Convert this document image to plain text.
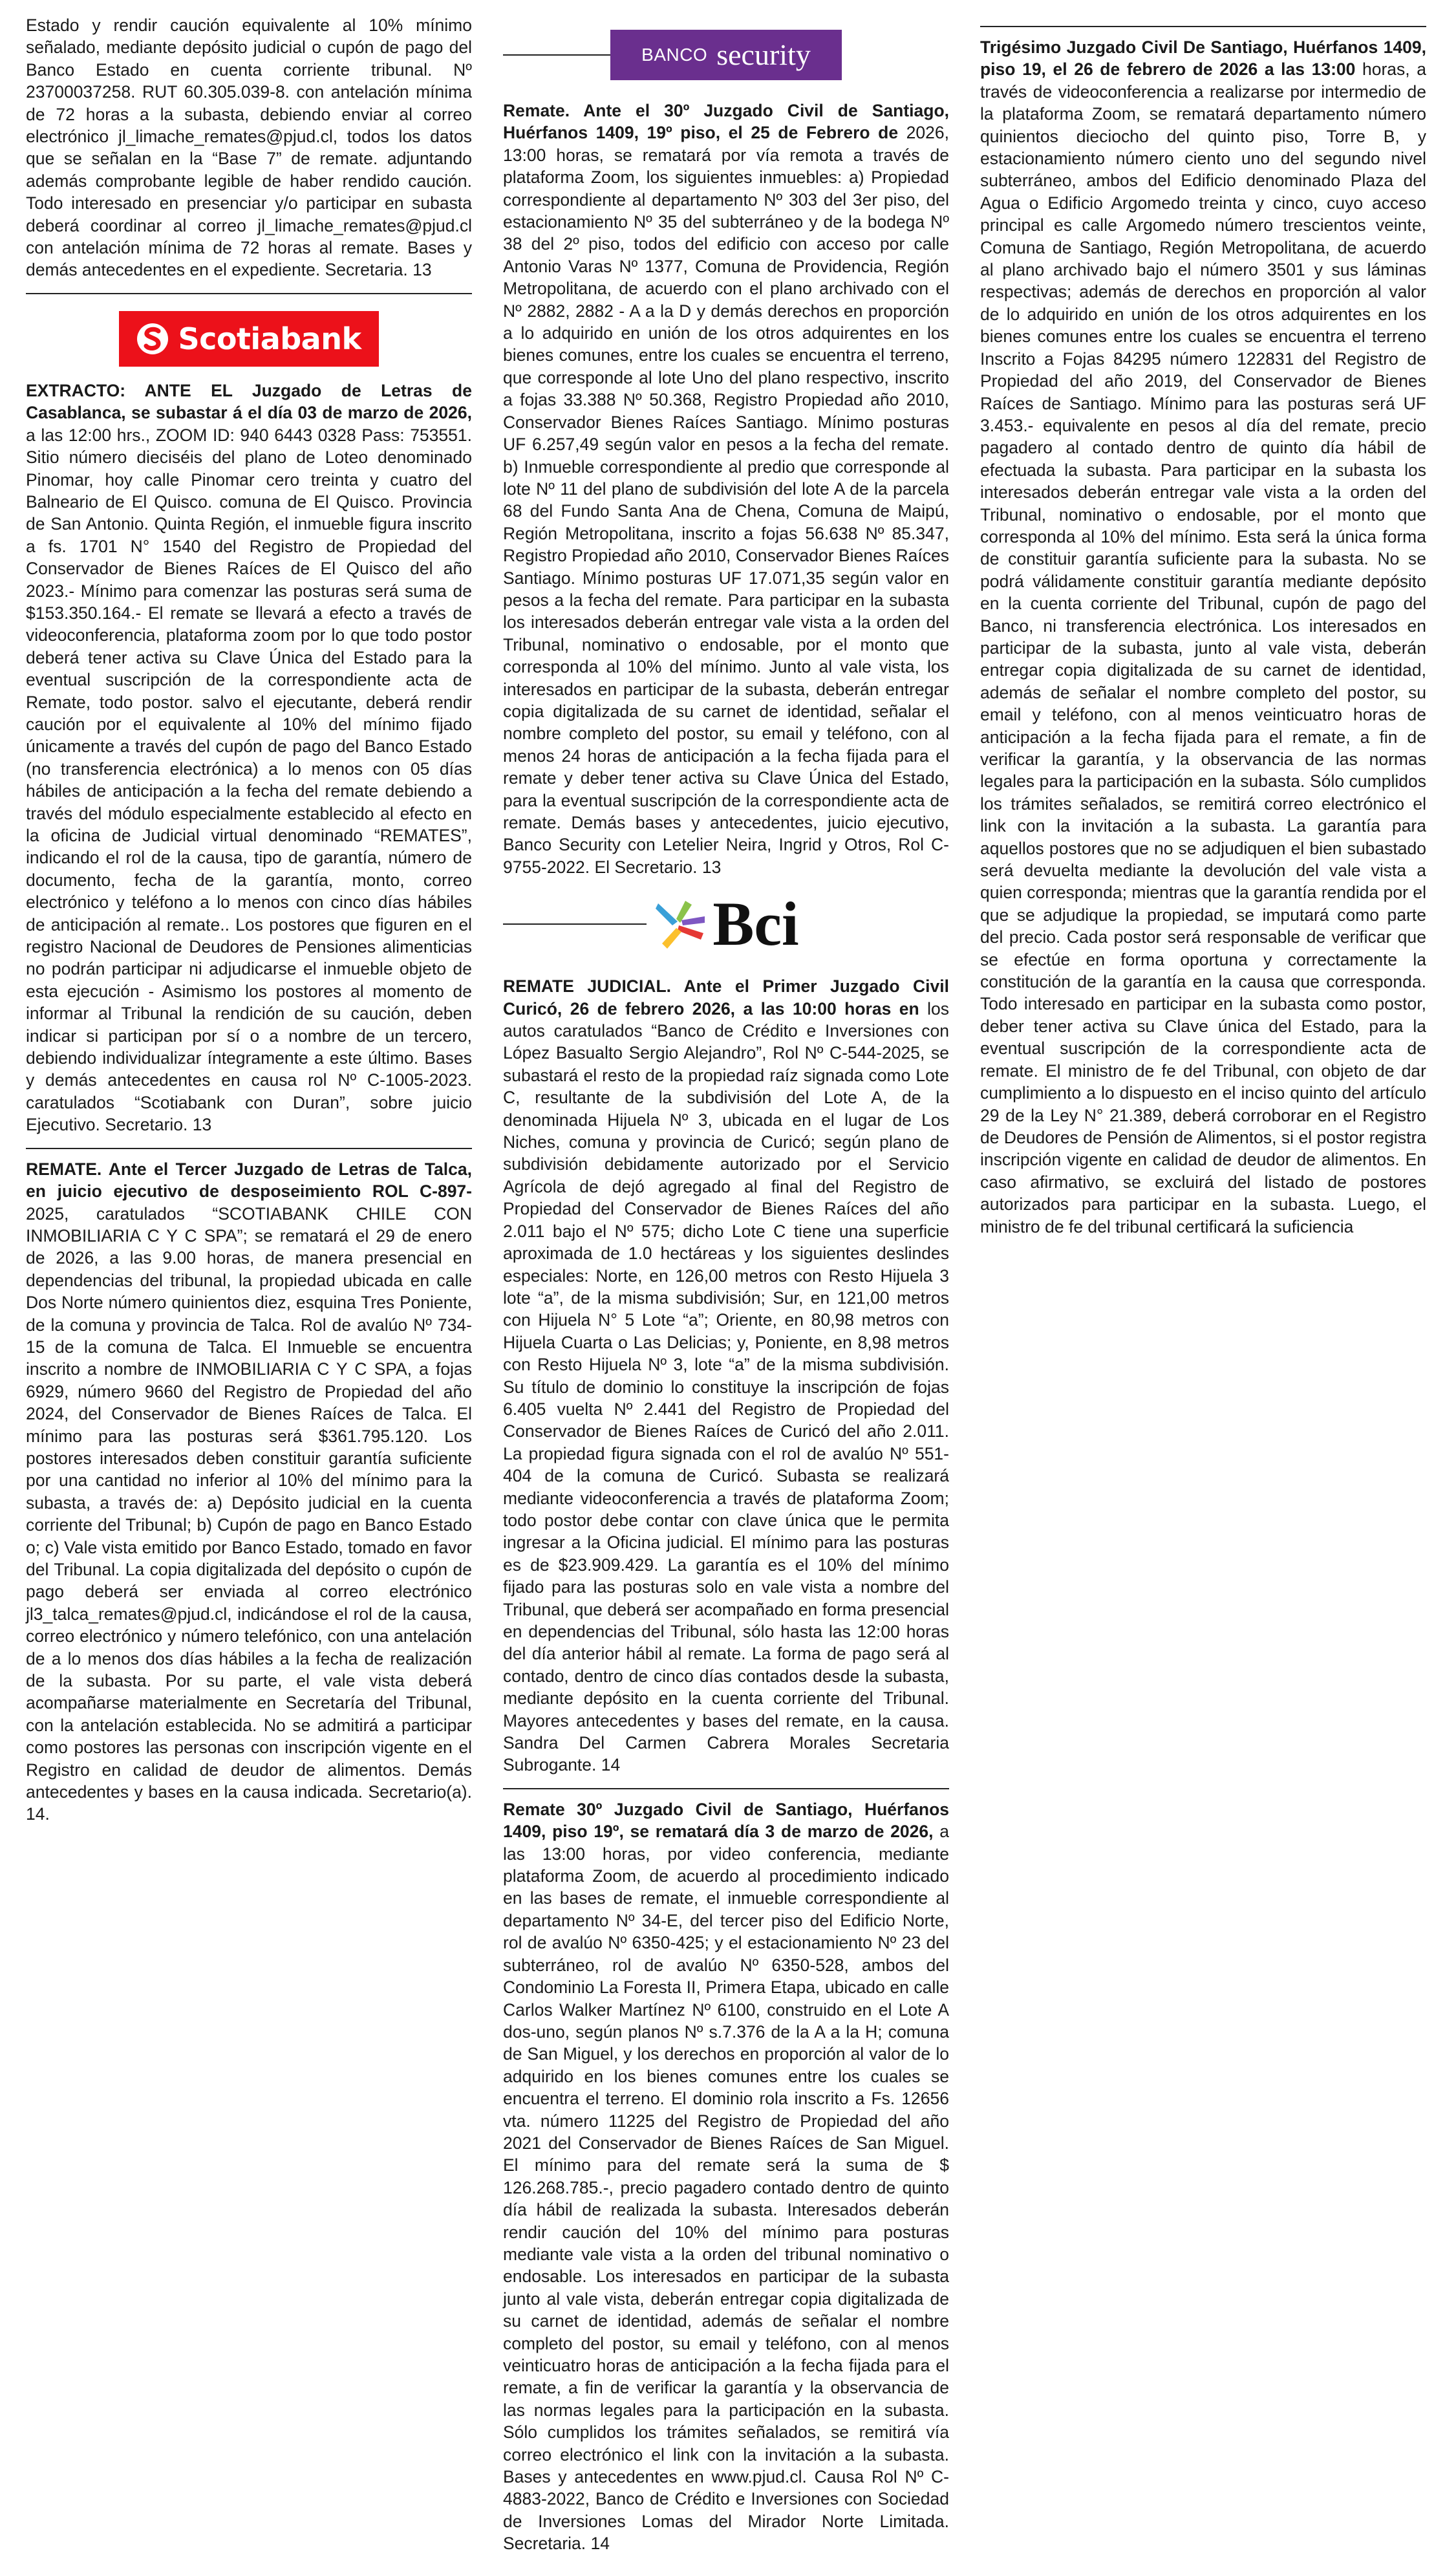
Estado y rendir caución equivalente al 10% mínimo señalado, mediante depósito judicial o cupón de pago del Banco Estado en cuenta corriente tribunal. Nº 23700037258. RUT 60.305.039-8. con antelación mínima de 72 horas a la subasta, debiendo enviar al correo electrónico jl_limache_remates@pjud.cl, todos los datos que se señalan en la “Base 7” de remate. adjuntando además comprobante legible de haber rendido caución. Todo interesado en presenciar y/o participar en subasta deberá coordinar al correo jl_limache_remates@pjud.cl con antelación mínima de 72 horas al remate. Bases y demás antecedentes en el expediente. Secretaria. 13

Scotiabank

EXTRACTO: ANTE EL Juzgado de Letras de Casablanca, se subastar á el día 03 de marzo de 2026, a las 12:00 hrs., ZOOM ID: 940 6443 0328 Pass: 753551. Sitio número dieciséis del plano de Loteo denominado Pinomar, hoy calle Pinomar cero treinta y cuatro del Balneario de El Quisco. comuna de El Quisco. Provincia de San Antonio. Quinta Región, el inmueble figura inscrito a fs. 1701 N° 1540 del Registro de Propiedad del Conservador de Bienes Raíces de El Quisco del año 2023.- Mínimo para comenzar las posturas será suma de $153.350.164.- El remate se llevará a efecto a través de videoconferencia, plataforma zoom por lo que todo postor deberá tener activa su Clave Única del Estado para la eventual suscripción de la correspondiente acta de Remate, todo postor. salvo el ejecutante, deberá rendir caución por el equivalente al 10% del mínimo fijado únicamente a través del cupón de pago del Banco Estado (no transferencia electrónica) a lo menos con 05 días hábiles de anticipación a la fecha del remate debiendo a través del módulo especialmente establecido al efecto en la oficina de Judicial virtual denominado “REMATES”, indicando el rol de la causa, tipo de garantía, número de documento, fecha de la garantía, monto, correo electrónico y teléfono a lo menos con cinco días hábiles de anticipación al remate.. Los postores que figuren en el registro Nacional de Deudores de Pensiones alimenticias no podrán participar ni adjudicarse el inmueble objeto de esta ejecución - Asimismo los postores al momento de informar al Tribunal la rendición de su caución, deben indicar si participan por sí o a nombre de un tercero, debiendo individualizar íntegramente a este último. Bases y demás antecedentes en causa rol Nº C-1005-2023. caratulados “Scotiabank con Duran”, sobre juicio Ejecutivo. Secretario. 13

REMATE. Ante el Tercer Juzgado de Letras de Talca, en juicio ejecutivo de desposeimiento ROL C-897-2025, caratulados “SCOTIABANK CHILE CON INMOBILIARIA C Y C SPA”; se rematará el 29 de enero de 2026, a las 9.00 horas, de manera presencial en dependencias del tribunal, la propiedad ubicada en calle Dos Norte número quinientos diez, esquina Tres Poniente, de la comuna y provincia de Talca. Rol de avalúo Nº 734-15 de la comuna de Talca. El Inmueble se encuentra inscrito a nombre de INMOBILIARIA C Y C SPA, a fojas 6929, número 9660 del Registro de Propiedad del año 2024, del Conservador de Bienes Raíces de Talca. El mínimo para las posturas será $361.795.120. Los postores interesados deben constituir garantía suficiente por una cantidad no inferior al 10% del mínimo para la subasta, a través de: a) Depósito judicial en la cuenta corriente del Tribunal; b) Cupón de pago en Banco Estado o; c) Vale vista emitido por Banco Estado, tomado en favor del Tribunal. La copia digitalizada del depósito o cupón de pago deberá ser enviada al correo electrónico jl3_talca_remates@pjud.cl, indicándose el rol de la causa, correo electrónico y número telefónico, con una antelación de a lo menos dos días hábiles a la fecha de realización de la subasta. Por su parte, el vale vista deberá acompañarse materialmente en Secretaría del Tribunal, con la antelación establecida. No se admitirá a participar como postores las personas con inscripción vigente en el Registro en calidad de deudor de alimentos. Demás antecedentes y bases en la causa indicada. Secretario(a). 14.

BANCO security

Remate. Ante el 30º Juzgado Civil de Santiago, Huérfanos 1409, 19º piso, el 25 de Febrero de 2026, 13:00 horas, se rematará por vía remota a través de plataforma Zoom, los siguientes inmuebles: a) Propiedad correspondiente al departamento Nº 303 del 3er piso, del estacionamiento Nº 35 del subterráneo y de la bodega Nº 38 del 2º piso, todos del edificio con acceso por calle Antonio Varas Nº 1377, Comuna de Providencia, Región Metropolitana, de acuerdo con el plano archivado con el Nº 2882, 2882 - A a la D y demás derechos en proporción a lo adquirido en unión de los otros adquirentes en los bienes comunes, entre los cuales se encuentra el terreno, que corresponde al lote Uno del plano respectivo, inscrito a fojas 33.388 Nº 50.368, Registro Propiedad año 2010, Conservador Bienes Raíces Santiago. Mínimo posturas UF 6.257,49 según valor en pesos a la fecha del remate. b) Inmueble correspondiente al predio que corresponde al lote Nº 11 del plano de subdivisión del lote A de la parcela 68 del Fundo Santa Ana de Chena, Comuna de Maipú, Región Metropolitana, inscrito a fojas 56.638 Nº 85.347, Registro Propiedad año 2010, Conservador Bienes Raíces Santiago. Mínimo posturas UF 17.071,35 según valor en pesos a la fecha del remate. Para participar en la subasta los interesados deberán entregar vale vista a la orden del Tribunal, nominativo o endosable, por el monto que corresponda al 10% del mínimo. Junto al vale vista, los interesados en participar de la subasta, deberán entregar copia digitalizada de su carnet de identidad, señalar el nombre completo del postor, su email y teléfono, con al menos 24 horas de anticipación a la fecha fijada para el remate y deber tener activa su Clave Única del Estado, para la eventual suscripción de la correspondiente acta de remate. Demás bases y antecedentes, juicio ejecutivo, Banco Security con Letelier Neira, Ingrid y Otros, Rol C-9755-2022. El Secretario. 13

Bci

REMATE JUDICIAL. Ante el Primer Juzgado Civil Curicó, 26 de febrero 2026, a las 10:00 horas en los autos caratulados “Banco de Crédito e Inversiones con López Basualto Sergio Alejandro”, Rol Nº C-544-2025, se subastará el resto de la propiedad raíz signada como Lote C, resultante de la subdivisión del Lote A, de la denominada Hijuela Nº 3, ubicada en el lugar de Los Niches, comuna y provincia de Curicó; según plano de subdivisión debidamente autorizado por el Servicio Agrícola de dejó agregado al final del Registro de Propiedad del Conservador de Bienes Raíces del año 2.011 bajo el Nº 575; dicho Lote C tiene una superficie aproximada de 1.0 hectáreas y los siguientes deslindes especiales: Norte, en 126,00 metros con Resto Hijuela 3 lote “a”, de la misma subdivisión; Sur, en 121,00 metros con Hijuela N° 5 Lote “a”; Oriente, en 80,98 metros con Hijuela Cuarta o Las Delicias; y, Poniente, en 8,98 metros con Resto Hijuela Nº 3, lote “a” de la misma subdivisión. Su título de dominio lo constituye la inscripción de fojas 6.405 vuelta Nº 2.441 del Registro de Propiedad del Conservador de Bienes Raíces de Curicó del año 2.011. La propiedad figura signada con el rol de avalúo Nº 551-404 de la comuna de Curicó. Subasta se realizará mediante videoconferencia a través de plataforma Zoom; todo postor debe contar con clave única que le permita ingresar a la Oficina judicial. El mínimo para las posturas es de $23.909.429. La garantía es el 10% del mínimo fijado para las posturas solo en vale vista a nombre del Tribunal, que deberá ser acompañado en forma presencial en dependencias del Tribunal, sólo hasta las 12:00 horas del día anterior hábil al remate. La forma de pago será al contado, dentro de cinco días contados desde la subasta, mediante depósito en la cuenta corriente del Tribunal. Mayores antecedentes y bases del remate, en la causa. Sandra Del Carmen Cabrera Morales Secretaria Subrogante. 14

Remate 30º Juzgado Civil de Santiago, Huérfanos 1409, piso 19º, se rematará día 3 de marzo de 2026, a las 13:00 horas, por video conferencia, mediante plataforma Zoom, de acuerdo al procedimiento indicado en las bases de remate, el inmueble correspondiente al departamento Nº 34-E, del tercer piso del Edificio Norte, rol de avalúo Nº 6350-425; y el estacionamiento Nº 23 del subterráneo, rol de avalúo Nº 6350-528, ambos del Condominio La Foresta II, Primera Etapa, ubicado en calle Carlos Walker Martínez Nº 6100, construido en el Lote A dos-uno, según planos Nº s.7.376 de la A a la H; comuna de San Miguel, y los derechos en proporción al valor de lo adquirido en los bienes comunes entre los cuales se encuentra el terreno. El dominio rola inscrito a Fs. 12656 vta. número 11225 del Registro de Propiedad del año 2021 del Conservador de Bienes Raíces de San Miguel. El mínimo para del remate será la suma de $ 126.268.785.-, precio pagadero contado dentro de quinto día hábil de realizada la subasta. Interesados deberán rendir caución del 10% del mínimo para posturas mediante vale vista a la orden del tribunal nominativo o endosable. Los interesados en participar de la subasta junto al vale vista, deberán entregar copia digitalizada de su carnet de identidad, además de señalar el nombre completo del postor, su email y teléfono, con al menos veinticuatro horas de anticipación a la fecha fijada para el remate, a fin de verificar la garantía y la observancia de las normas legales para la participación en la subasta. Sólo cumplidos los trámites señalados, se remitirá vía correo electrónico el link con la invitación a la subasta. Bases y antecedentes en www.pjud.cl. Causa Rol Nº C-4883-2022, Banco de Crédito e Inversiones con Sociedad de Inversiones Lomas del Mirador Norte Limitada. Secretaria. 14

Trigésimo Juzgado Civil De Santiago, Huérfanos 1409, piso 19, el 26 de febrero de 2026 a las 13:00 horas, a través de videoconferencia a realizarse por intermedio de la plataforma Zoom, se rematará departamento número quinientos dieciocho del quinto piso, Torre B, y estacionamiento número ciento uno del segundo nivel subterráneo, ambos del Edificio denominado Plaza del Agua o Edificio Argomedo treinta y cinco, cuyo acceso principal es calle Argomedo número trescientos veinte, Comuna de Santiago, Región Metropolitana, de acuerdo al plano archivado bajo el número 3501 y sus láminas respectivas; además de derechos en proporción al valor de lo adquirido en unión de los otros adquirentes en los bienes comunes entre los cuales se encuentra el terreno Inscrito a Fojas 84295 número 122831 del Registro de Propiedad del año 2019, del Conservador de Bienes Raíces de Santiago. Mínimo para las posturas será UF 3.453.- equivalente en pesos al día del remate, precio pagadero al contado dentro de quinto día hábil de efectuada la subasta. Para participar en la subasta los interesados deberán entregar vale vista a la orden del Tribunal, nominativo o endosable, por el monto que corresponda al 10% del mínimo. Esta será la única forma de constituir garantía suficiente para la subasta. No se podrá válidamente constituir garantía mediante depósito en la cuenta corriente del Tribunal, cupón de pago del Banco, ni transferencia electrónica. Los interesados en participar de la subasta, junto al vale vista, deberán entregar copia digitalizada de su carnet de identidad, además de señalar el nombre completo del postor, su email y teléfono, con al menos veinticuatro horas de anticipación a la fecha fijada para el remate, a fin de verificar la garantía, y la observancia de las normas legales para la participación en la subasta. Sólo cumplidos los trámites señalados, se remitirá correo electrónico el link con la invitación a la subasta. La garantía para aquellos postores que no se adjudiquen el bien subastado será devuelta mediante la devolución del vale vista a quien corresponda; mientras que la garantía rendida por el que se adjudique la propiedad, se imputará como parte del precio. Cada postor será responsable de verificar que se efectúe en forma oportuna y correctamente la constitución de la garantía en la causa que corresponda. Todo interesado en participar en la subasta como postor, deber tener activa su Clave única del Estado, para la eventual suscripción de la correspondiente acta de remate. El ministro de fe del Tribunal, con objeto de dar cumplimiento a lo dispuesto en el inciso quinto del artículo 29 de la Ley N° 21.389, deberá corroborar en el Registro de Deudores de Pensión de Alimentos, si el postor registra inscripción vigente en calidad de deudor de alimentos. En caso afirmativo, se excluirá del listado de postores autorizados para participar en la subasta. Luego, el ministro de fe del tribunal certificará la suficiencia
